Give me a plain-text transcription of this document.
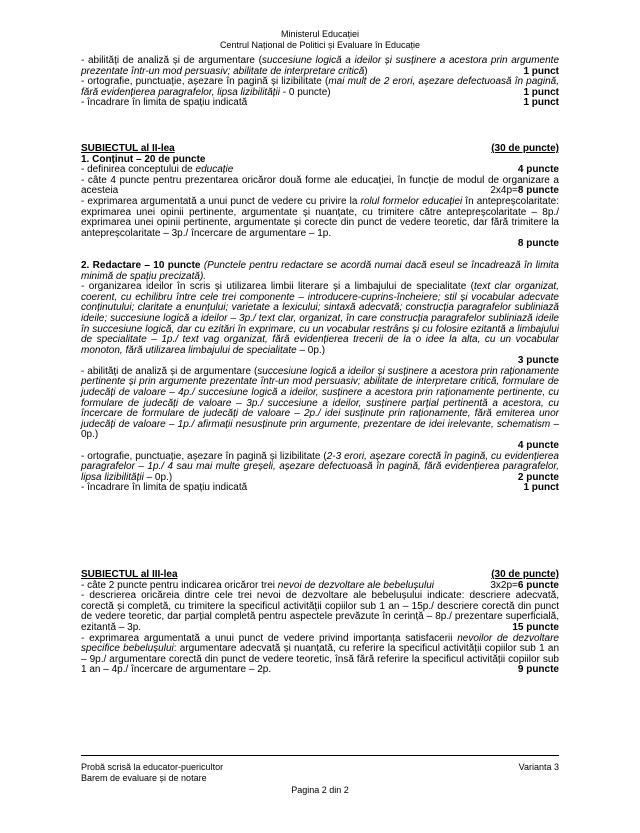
Ministerul Educației
Centrul Național de Politici și Evaluare în Educație
- abilități de analiză și de argumentare (succesiune logică a ideilor și susținere a acestora prin argumente prezentate într-un mod persuasiv; abilitate de interpretare critică)	1 punct
- ortografie, punctuație, așezare în pagină și lizibilitate (mai mult de 2 erori, așezare defectuoasă în pagină, fără evidențierea paragrafelor, lipsa lizibilității - 0 puncte)	1 punct
- încadrare în limita de spațiu indicată	1 punct
SUBIECTUL al II-lea	(30 de puncte)
1. Conținut – 20 de puncte
- definirea conceptului de educație	4 puncte
- câte 4 puncte pentru prezentarea oricăror două forme ale educației, în funcție de modul de organizare a acesteia	2x4p=8 puncte
- exprimarea argumentată a unui punct de vedere cu privire la rolul formelor educației în antepreșcolaritate: exprimarea unei opinii pertinente, argumentate și nuanțate, cu trimitere către antepreșcolaritate – 8p./ exprimarea unei opinii pertinente, argumentate și corecte din punct de vedere teoretic, dar fără trimitere la antepreșcolaritate – 3p./ încercare de argumentare – 1p.
8 puncte
2. Redactare – 10 puncte (Punctele pentru redactare se acordă numai dacă eseul se încadrează în limita minimă de spațiu precizată).
- organizarea ideilor în scris și utilizarea limbii literare și a limbajului de specialitate (text clar organizat, coerent, cu echilibru între cele trei componente – introducere-cuprins-încheiere; stil și vocabular adecvate conținutului; claritate a enunțului; varietate a lexicului; sintaxă adecvată; construcția paragrafelor subliniază ideile; succesiune logică a ideilor – 3p./ text clar, organizat, în care construcția paragrafelor subliniază ideile în succesiune logică, dar cu ezitări în exprimare, cu un vocabular restrâns și cu folosire ezitantă a limbajului de specialitate – 1p./ text vag organizat, fără evidențierea trecerii de la o idee la alta, cu un vocabular monoton, fără utilizarea limbajului de specialitate – 0p.)
3 puncte
- abilități de analiză și de argumentare (succesiune logică a ideilor și susținere a acestora prin raționamente pertinente și prin argumente prezentate într-un mod persuasiv; abilitate de interpretare critică, formulare de judecăți de valoare – 4p./ succesiune logică a ideilor, susținere a acestora prin raționamente pertinente, cu formulare de judecăți de valoare – 3p./ succesiune a ideilor, susținere parțial pertinentă a acestora, cu încercare de formulare de judecăți de valoare – 2p./ idei susținute prin raționamente, fără emiterea unor judecăți de valoare – 1p./ afirmații nesusținute prin argumente, prezentare de idei irelevante, schematism – 0p.)
4 puncte
- ortografie, punctuație, așezare în pagină și lizibilitate (2-3 erori, așezare corectă în pagină, cu evidențierea paragrafelor – 1p./ 4 sau mai multe greșeli, așezare defectuoasă în pagină, fără evidențierea paragrafelor, lipsa lizibilității – 0p.)	2 puncte
- încadrare în limita de spațiu indicată	1 punct
SUBIECTUL al III-lea	(30 de puncte)
- câte 2 puncte pentru indicarea oricăror trei nevoi de dezvoltare ale bebelușului	3x2p=6 puncte
- descrierea oricăreia dintre cele trei nevoi de dezvoltare ale bebelușului indicate: descriere adecvată, corectă și completă, cu trimitere la specificul activității copiilor sub 1 an – 15p./ descriere corectă din punct de vedere teoretic, dar parțial completă pentru aspectele prevăzute în cerință – 8p./ prezentare superficială, ezitantă – 3p.	15 puncte
- exprimarea argumentată a unui punct de vedere privind importanța satisfacerii nevoilor de dezvoltare specifice bebelușului: argumentare adecvată și nuanțată, cu referire la specificul activității copiilor sub 1 an – 9p./ argumentare corectă din punct de vedere teoretic, însă fără referire la specificul activității copiilor sub 1 an – 4p./ încercare de argumentare – 2p.	9 puncte
Probă scrisă la educator-puericultor	Varianta 3
Barem de evaluare și de notare
Pagina 2 din 2
